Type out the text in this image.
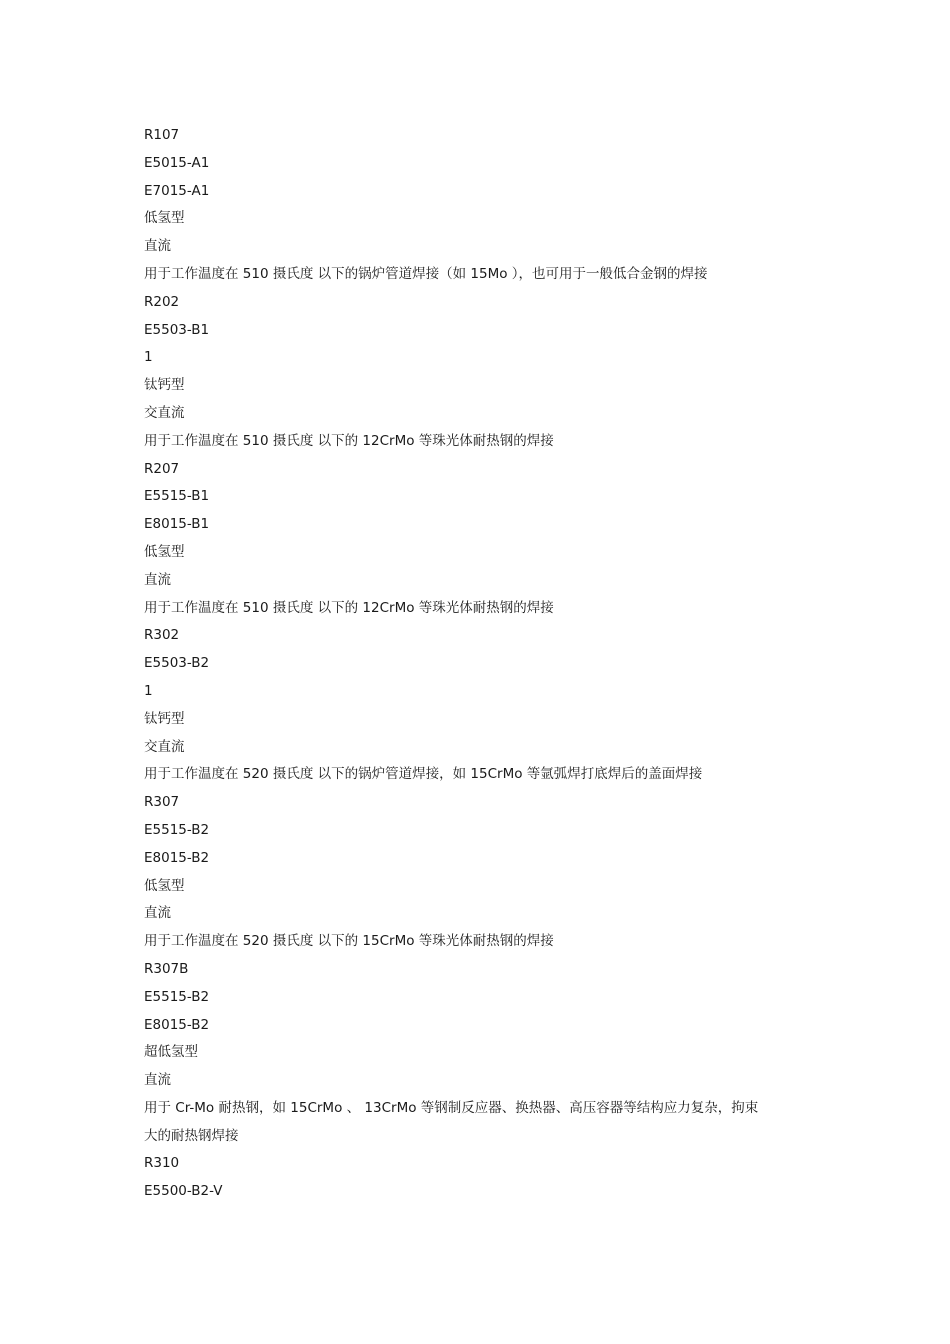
R107
E5015-A1
E7015-A1
低氢型
直流
用于工作温度在 510 摄氏度 以下的锅炉管道焊接（如 15Mo ），也可用于一般低合金钢的焊接
R202
E5503-B1
1
钛钙型
交直流
用于工作温度在 510 摄氏度 以下的 12CrMo 等珠光体耐热钢的焊接
R207
E5515-B1
E8015-B1
低氢型
直流
用于工作温度在 510 摄氏度 以下的 12CrMo 等珠光体耐热钢的焊接
R302
E5503-B2
1
钛钙型
交直流
用于工作温度在 520 摄氏度 以下的锅炉管道焊接，如 15CrMo 等氩弧焊打底焊后的盖面焊接
R307
E5515-B2
E8015-B2
低氢型
直流
用于工作温度在 520 摄氏度 以下的 15CrMo 等珠光体耐热钢的焊接
R307B
E5515-B2
E8015-B2
超低氢型
直流
用于 Cr-Mo 耐热钢，如 15CrMo 、 13CrMo 等钢制反应器、换热器、高压容器等结构应力复杂，拘束
大的耐热钢焊接
R310
E5500-B2-V
